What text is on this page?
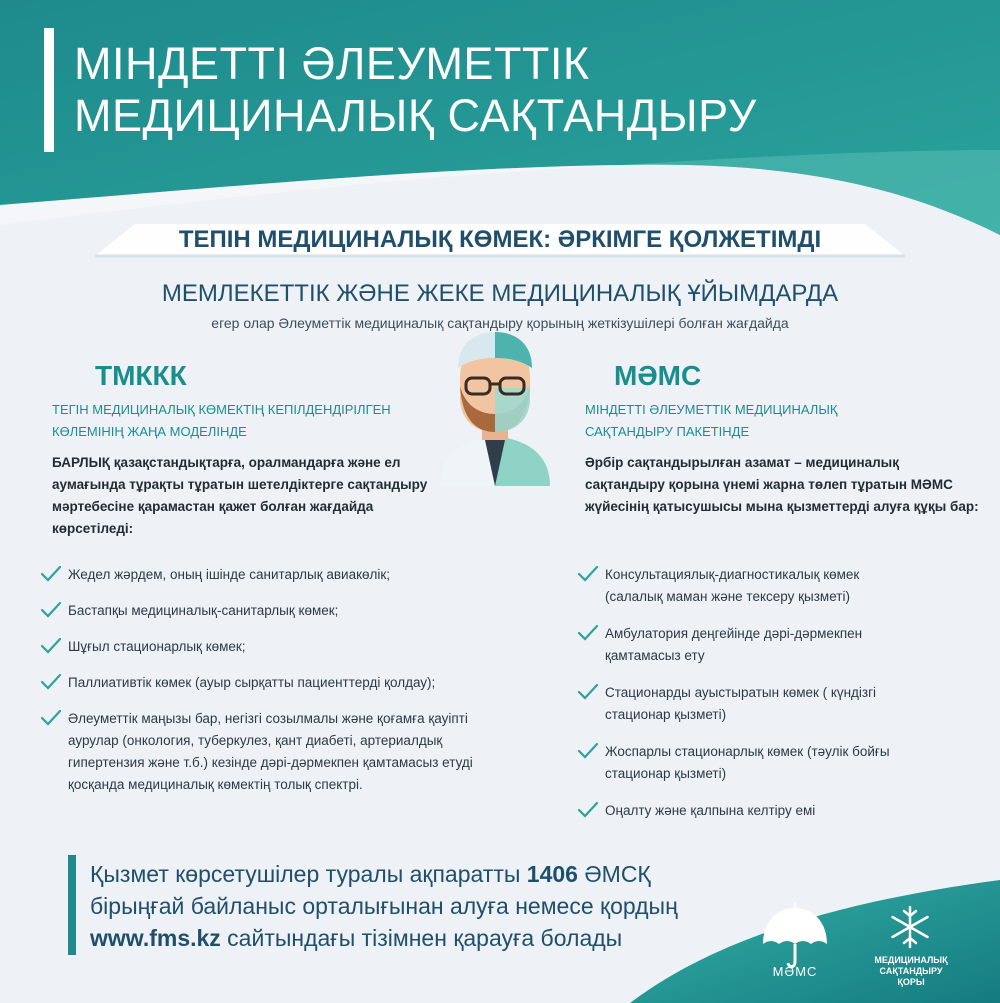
МІНДЕТТІ ӘЛЕУМЕТТІК
МЕДИЦИНАЛЫҚ САҚТАНДЫРУ
ТЕПІН МЕДИЦИНАЛЫҚ КӨМЕК: ӘРКІМГЕ ҚОЛЖЕТІМДІ
МЕМЛЕКЕТТІК ЖӘНЕ ЖЕКЕ МЕДИЦИНАЛЫҚ ҰЙЫМДАРДА
егер олар Әлеуметтік медициналық сақтандыру қорының жеткізушілері болған жағдайда
ТМККК
ТЕГІН МЕДИЦИНАЛЫҚ КӨМЕКТІҢ КЕПІЛДЕНДІРІЛГЕН
КӨЛЕМІНІҢ ЖАҢА МОДЕЛІНДЕ
БАРЛЫҚ қазақстандықтарға, оралмандарға және ел
аумағында тұрақты тұратын шетелдіктерге сақтандыру
мәртебесіне қарамастан қажет болған жағдайда
көрсетіледі:
Жедел жәрдем, оның ішінде санитарлық авиакөлік;
Бастапқы медициналық-санитарлық көмек;
Шұғыл стационарлық көмек;
Паллиативтік көмек (ауыр сырқатты пациенттерді қолдау);
Әлеуметтік маңызы бар, негізгі созылмалы және қоғамға қауіпті
аурулар (онкология, туберкулез, қант диабеті, артериалдық
гипертензия және т.б.) кезінде дәрі-дәрмекпен қамтамасыз етуді
қосқанда медициналық көмектің толық спектрі.
МӘМС
МІНДЕТТІ ӘЛЕУМЕТТІК МЕДИЦИНАЛЫҚ
САҚТАНДЫРУ ПАКЕТІНДЕ
Әрбір сақтандырылған азамат – медициналық
сақтандыру қорына үнемі жарна төлеп тұратын МӘМС
жүйесінің қатысушысы мына қызметтерді алуға құқы бар:
Консультациялық-диагностикалық көмек
(салалық маман және тексеру қызметі)
Амбулатория деңгейінде дәрі-дәрмекпен
қамтамасыз ету
Стационарды ауыстыратын көмек ( күндізгі
стационар қызметі)
Жоспарлы стационарлық көмек (тәулік бойғы
стационар қызметі)
Оңалту және қалпына келтіру емі
Қызмет көрсетушілер туралы ақпаратты 1406 ӘМСҚ
бірыңғай байланыс орталығынан алуға немесе қордың
www.fms.kz сайтындағы тізімнен қарауға болады
МӘМС
МЕДИЦИНАЛЫҚ
САҚТАНДЫРУ
ҚОРЫ
